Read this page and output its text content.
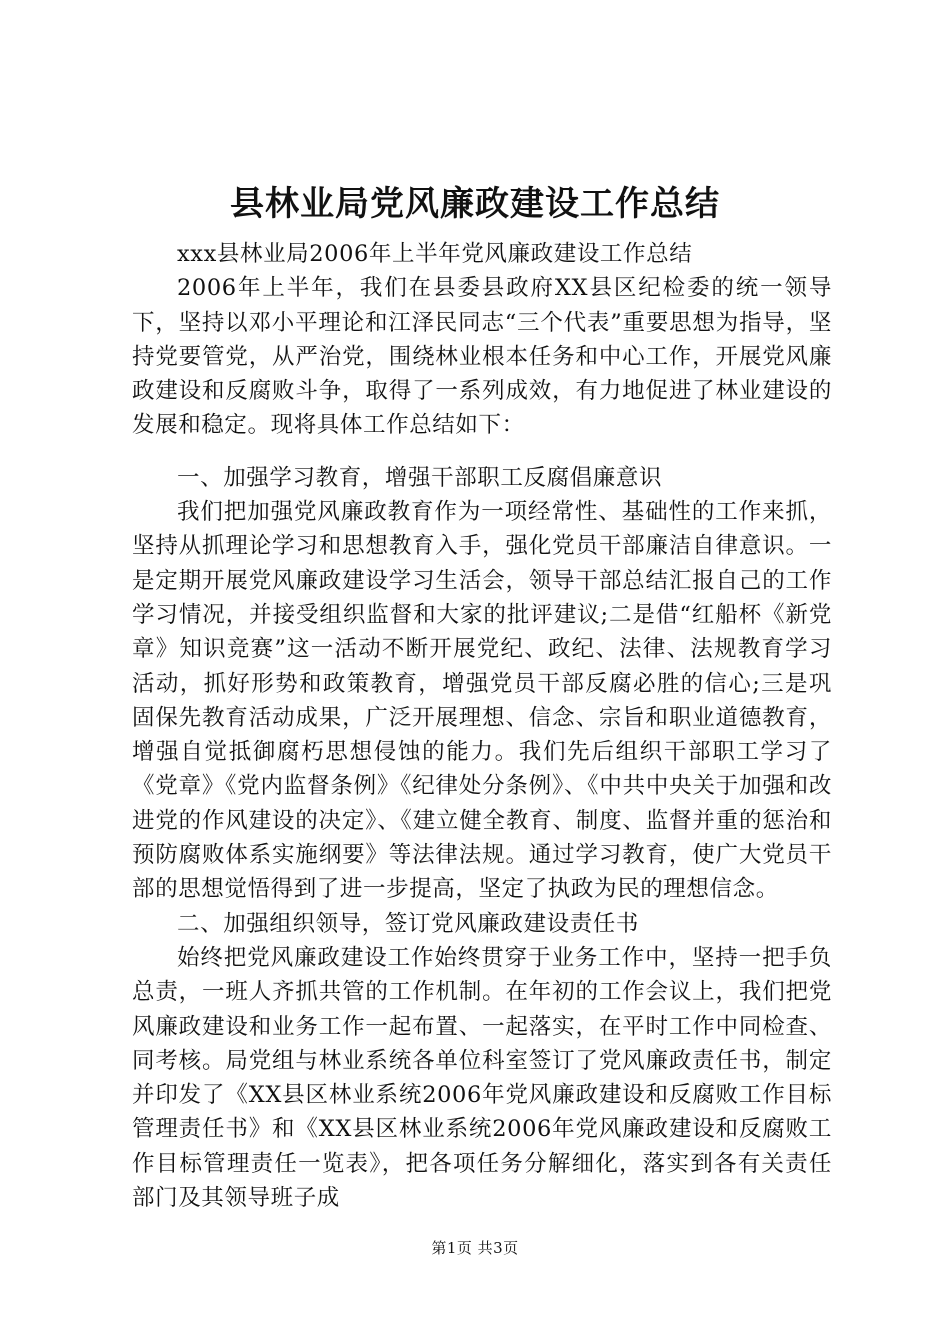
县林业局党风廉政建设工作总结

xxx县林业局2006年上半年党风廉政建设工作总结

2006年上半年，我们在县委县政府XX县区纪检委的统一领导下，坚持以邓小平理论和江泽民同志“三个代表”重要思想为指导，坚持党要管党，从严治党，围绕林业根本任务和中心工作，开展党风廉政建设和反腐败斗争，取得了一系列成效，有力地促进了林业建设的发展和稳定。现将具体工作总结如下：

一、加强学习教育，增强干部职工反腐倡廉意识

我们把加强党风廉政教育作为一项经常性、基础性的工作来抓，坚持从抓理论学习和思想教育入手，强化党员干部廉洁自律意识。一是定期开展党风廉政建设学习生活会，领导干部总结汇报自己的工作学习情况，并接受组织监督和大家的批评建议;二是借“红船杯《新党章》知识竞赛”这一活动不断开展党纪、政纪、法律、法规教育学习活动，抓好形势和政策教育，增强党员干部反腐必胜的信心;三是巩固保先教育活动成果，广泛开展理想、信念、宗旨和职业道德教育，增强自觉抵御腐朽思想侵蚀的能力。我们先后组织干部职工学习了《党章》《党内监督条例》《纪律处分条例》、《中共中央关于加强和改进党的作风建设的决定》、《建立健全教育、制度、监督并重的惩治和预防腐败体系实施纲要》等法律法规。通过学习教育，使广大党员干部的思想觉悟得到了进一步提高，坚定了执政为民的理想信念。

二、加强组织领导，签订党风廉政建设责任书

始终把党风廉政建设工作始终贯穿于业务工作中，坚持一把手负总责，一班人齐抓共管的工作机制。在年初的工作会议上，我们把党风廉政建设和业务工作一起布置、一起落实，在平时工作中同检查、同考核。局党组与林业系统各单位科室签订了党风廉政责任书，制定并印发了《XX县区林业系统2006年党风廉政建设和反腐败工作目标管理责任书》和《XX县区林业系统2006年党风廉政建设和反腐败工作目标管理责任一览表》，把各项任务分解细化，落实到各有关责任部门及其领导班子成

第1页 共3页
